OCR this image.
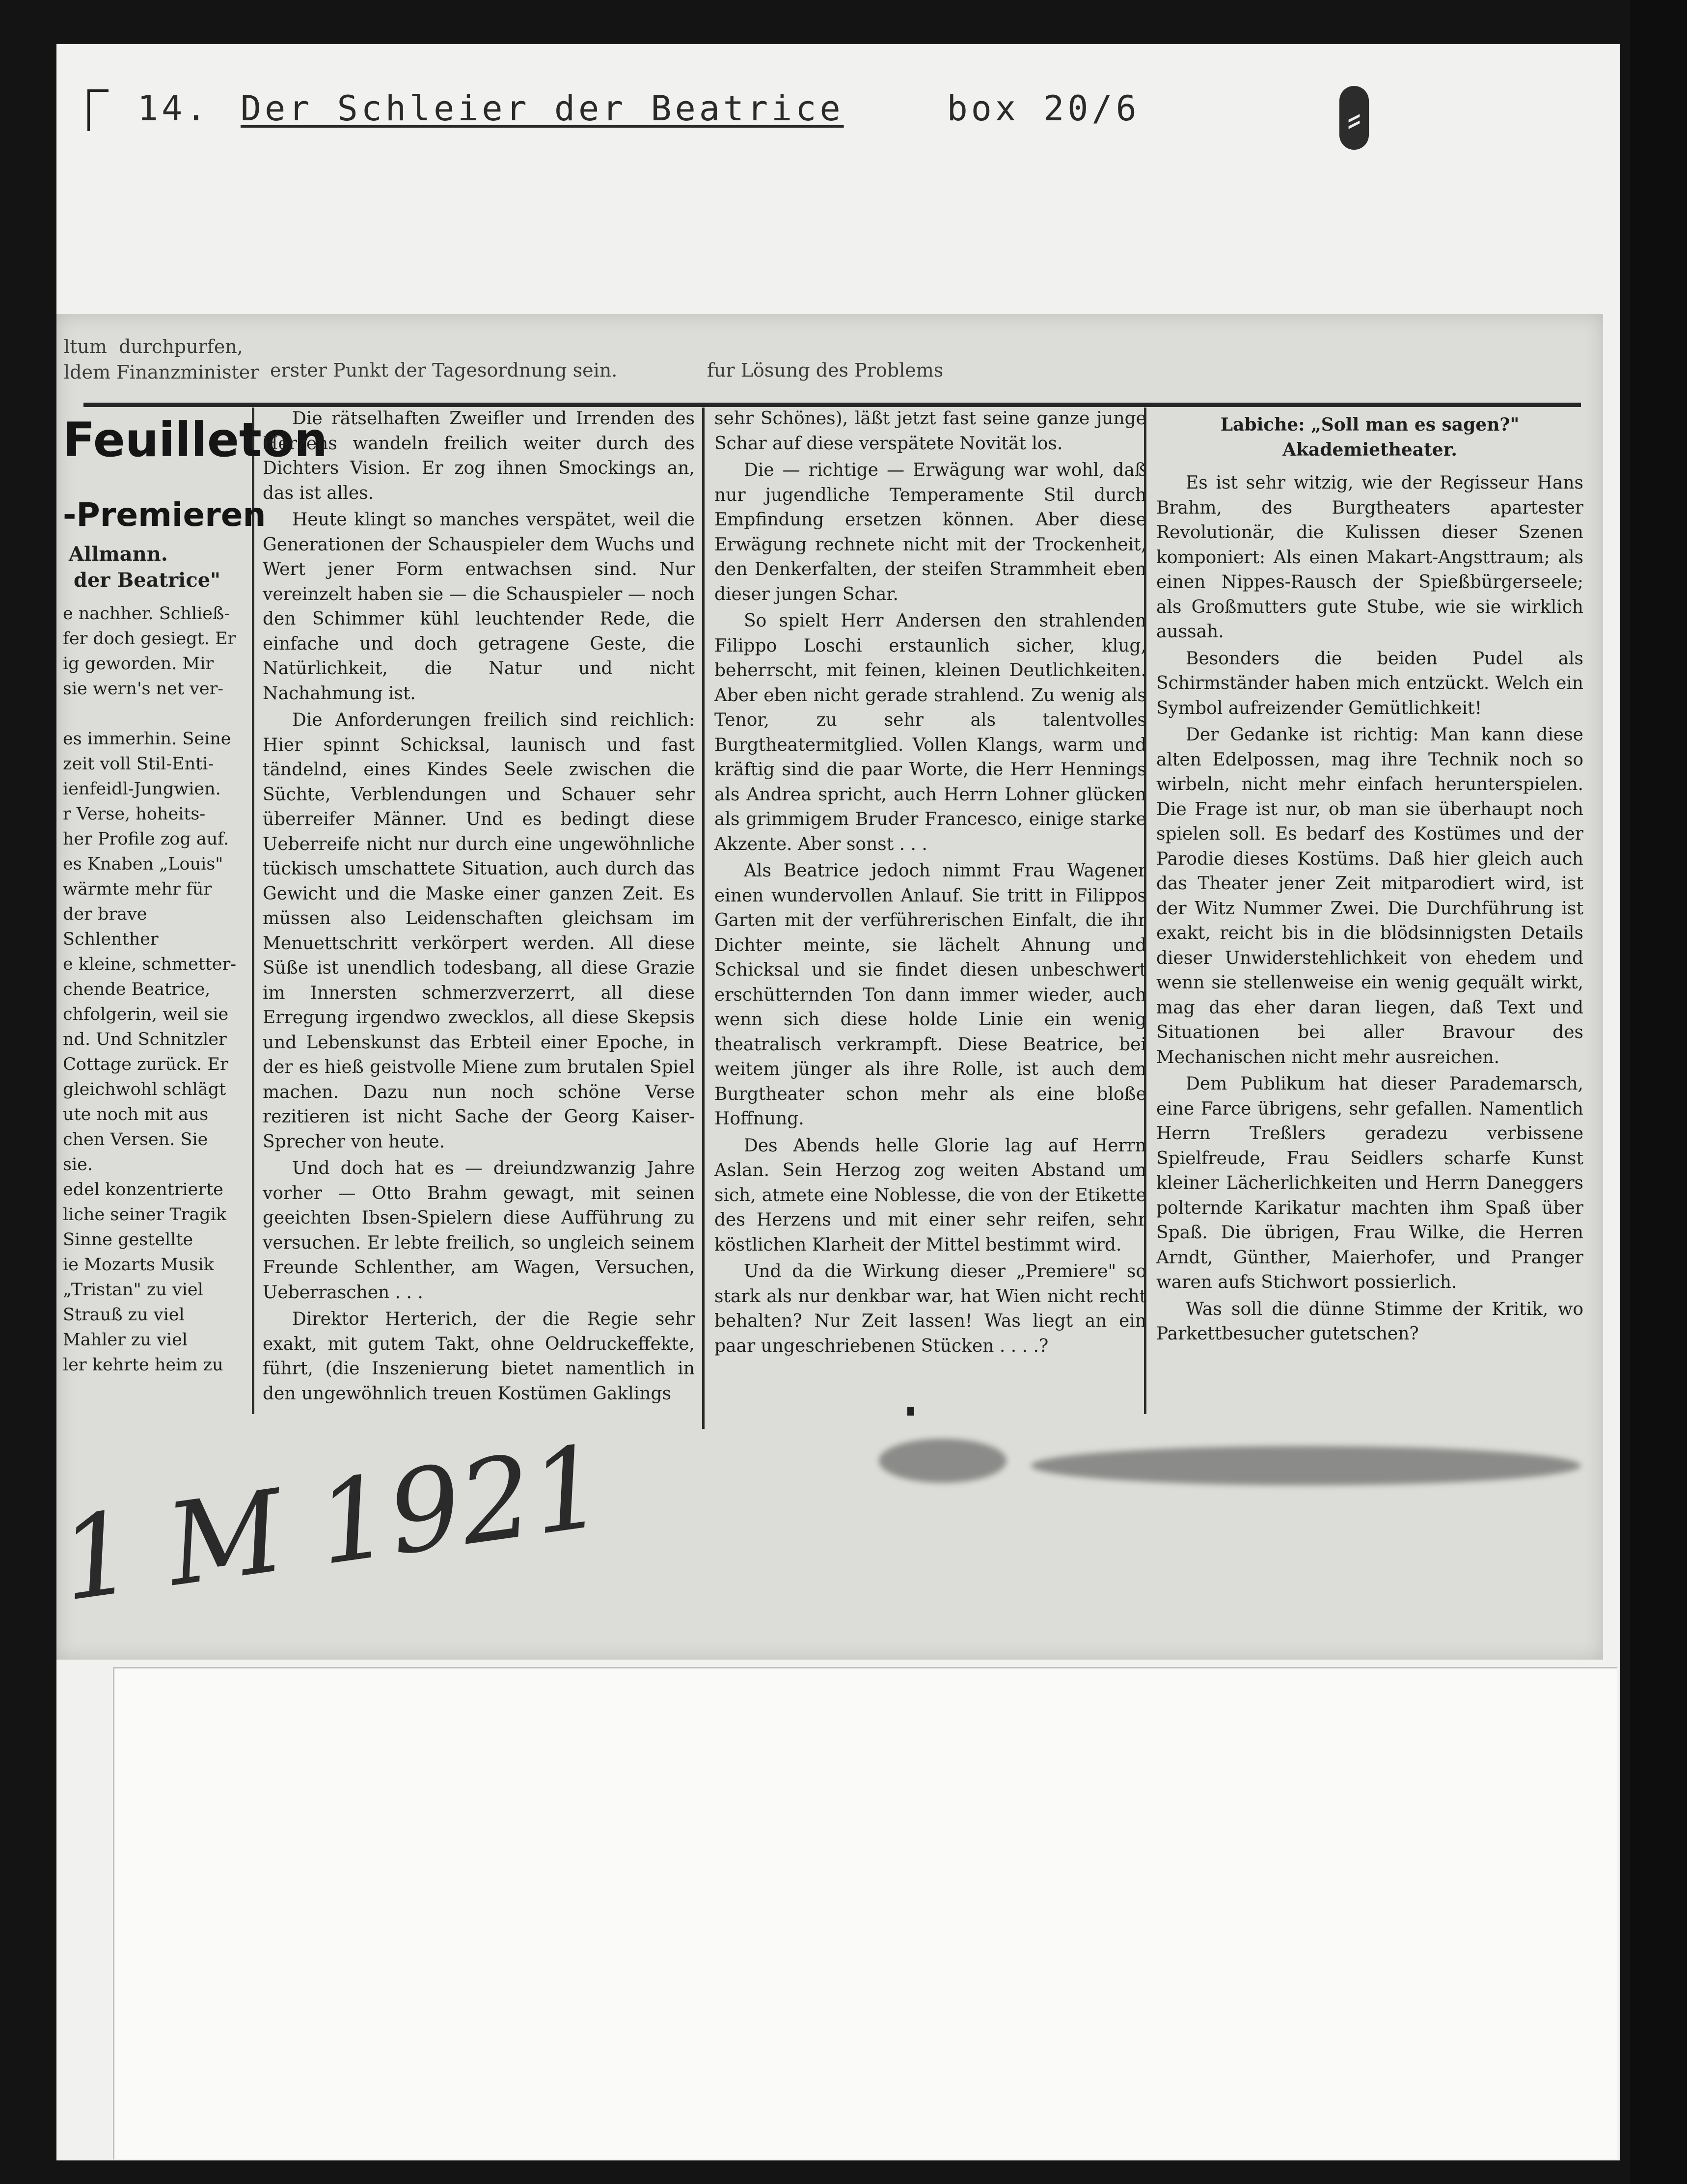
14. Der Schleier der Beatrice	box 20/6	⸗
ltum  durchpurfen,
ldem Finanzminister erster Punkt der Tagesordnung sein.	fur Lösung des Problems
Feuilleton
-Premieren
Allmann.
der Beatrice"
e nachher. Schließ-
fer doch gesiegt. Er
ig geworden. Mir
sie wern's net ver-

es immerhin. Seine
zeit voll Stil-Enti-
ienfeidl-Jungwien.
r Verse, hoheits-
her Profile zog auf.
es Knaben „Louis"
wärmte mehr für
der brave Schlenther
e kleine, schmetter-
chende Beatrice,
chfolgerin, weil sie
nd. Und Schnitzler
Cottage zurück. Er
gleichwohl schlägt
ute noch mit aus
chen Versen. Sie
sie.
edel konzentrierte
liche seiner Tragik
Sinne gestellte
ie Mozarts Musik
„Tristan" zu viel
Strauß zu viel
Mahler zu viel
ler kehrte heim zu

Die rätselhaften Zweifler und Irrenden des Herzens wandeln freilich weiter durch des Dichters Vision. Er zog ihnen Smockings an, das ist alles.

Heute klingt so manches verspätet, weil die Generationen der Schauspieler dem Wuchs und Wert jener Form entwachsen sind. Nur vereinzelt haben sie — die Schauspieler — noch den Schimmer kühl leuchtender Rede, die einfache und doch getragene Geste, die Natürlichkeit, die Natur und nicht Nachahmung ist.

Die Anforderungen freilich sind reichlich: Hier spinnt Schicksal, launisch und fast tändelnd, eines Kindes Seele zwischen die Süchte, Verblendungen und Schauer sehr überreifer Männer. Und es bedingt diese Ueberreife nicht nur durch eine ungewöhnliche tückisch umschattete Situation, auch durch das Gewicht und die Maske einer ganzen Zeit. Es müssen also Leidenschaften gleichsam im Menuettschritt verkörpert werden. All diese Süße ist unendlich todesbang, all diese Grazie im Innersten schmerzverzerrt, all diese Erregung irgendwo zwecklos, all diese Skepsis und Lebenskunst das Erbteil einer Epoche, in der es hieß geistvolle Miene zum brutalen Spiel machen. Dazu nun noch schöne Verse rezitieren ist nicht Sache der Georg Kaiser-Sprecher von heute.

Und doch hat es — dreiundzwanzig Jahre vorher — Otto Brahm gewagt, mit seinen geeichten Ibsen-Spielern diese Aufführung zu versuchen. Er lebte freilich, so ungleich seinem Freunde Schlenther, am Wagen, Versuchen, Ueberraschen . . .

Direktor Herterich, der die Regie sehr exakt, mit gutem Takt, ohne Oeldruckeffekte, führt, (die Inszenierung bietet namentlich in den ungewöhnlich treuen Kostümen Gaklings

sehr Schönes), läßt jetzt fast seine ganze junge Schar auf diese verspätete Novität los.

Die — richtige — Erwägung war wohl, daß nur jugendliche Temperamente Stil durch Empfindung ersetzen können. Aber diese Erwägung rechnete nicht mit der Trockenheit, den Denkerfalten, der steifen Strammheit eben dieser jungen Schar.

So spielt Herr Andersen den strahlenden Filippo Loschi erstaunlich sicher, klug, beherrscht, mit feinen, kleinen Deutlichkeiten. Aber eben nicht gerade strahlend. Zu wenig als Tenor, zu sehr als talentvolles Burgtheatermitglied. Vollen Klangs, warm und kräftig sind die paar Worte, die Herr Hennings als Andrea spricht, auch Herrn Lohner glücken als grimmigem Bruder Francesco, einige starke Akzente. Aber sonst . . .

Als Beatrice jedoch nimmt Frau Wagener einen wundervollen Anlauf. Sie tritt in Filippos Garten mit der verführerischen Einfalt, die ihr Dichter meinte, sie lächelt Ahnung und Schicksal und sie findet diesen unbeschwert erschütternden Ton dann immer wieder, auch wenn sich diese holde Linie ein wenig theatralisch verkrampft. Diese Beatrice, bei weitem jünger als ihre Rolle, ist auch dem Burgtheater schon mehr als eine bloße Hoffnung.

Des Abends helle Glorie lag auf Herrn Aslan. Sein Herzog zog weiten Abstand um sich, atmete eine Noblesse, die von der Etikette des Herzens und mit einer sehr reifen, sehr köstlichen Klarheit der Mittel bestimmt wird.

Und da die Wirkung dieser „Premiere" so stark als nur denkbar war, hat Wien nicht recht behalten? Nur Zeit lassen! Was liegt an ein paar ungeschriebenen Stücken . . . .?

Labiche: „Soll man es sagen?"

Akademietheater.

Es ist sehr witzig, wie der Regisseur Hans Brahm, des Burgtheaters apartester Revolutionär, die Kulissen dieser Szenen komponiert: Als einen Makart-Angsttraum; als einen Nippes-Rausch der Spießbürgerseele; als Großmutters gute Stube, wie sie wirklich aussah.

Besonders die beiden Pudel als Schirmständer haben mich entzückt. Welch ein Symbol aufreizender Gemütlichkeit!

Der Gedanke ist richtig: Man kann diese alten Edelpossen, mag ihre Technik noch so wirbeln, nicht mehr einfach herunterspielen. Die Frage ist nur, ob man sie überhaupt noch spielen soll. Es bedarf des Kostümes und der Parodie dieses Kostüms. Daß hier gleich auch das Theater jener Zeit mitparodiert wird, ist der Witz Nummer Zwei. Die Durchführung ist exakt, reicht bis in die blödsinnigsten Details dieser Unwiderstehlichkeit von ehedem und wenn sie stellenweise ein wenig gequält wirkt, mag das eher daran liegen, daß Text und Situationen bei aller Bravour des Mechanischen nicht mehr ausreichen.

Dem Publikum hat dieser Parademarsch, eine Farce übrigens, sehr gefallen. Namentlich Herrn Treßlers geradezu verbissene Spielfreude, Frau Seidlers scharfe Kunst kleiner Lächerlichkeiten und Herrn Daneggers polternde Karikatur machten ihm Spaß über Spaß. Die übrigen, Frau Wilke, die Herren Arndt, Günther, Maierhofer, und Pranger waren aufs Stichwort possierlich.

Was soll die dünne Stimme der Kritik, wo Parkettbesucher gutetschen?

1 M 1921
